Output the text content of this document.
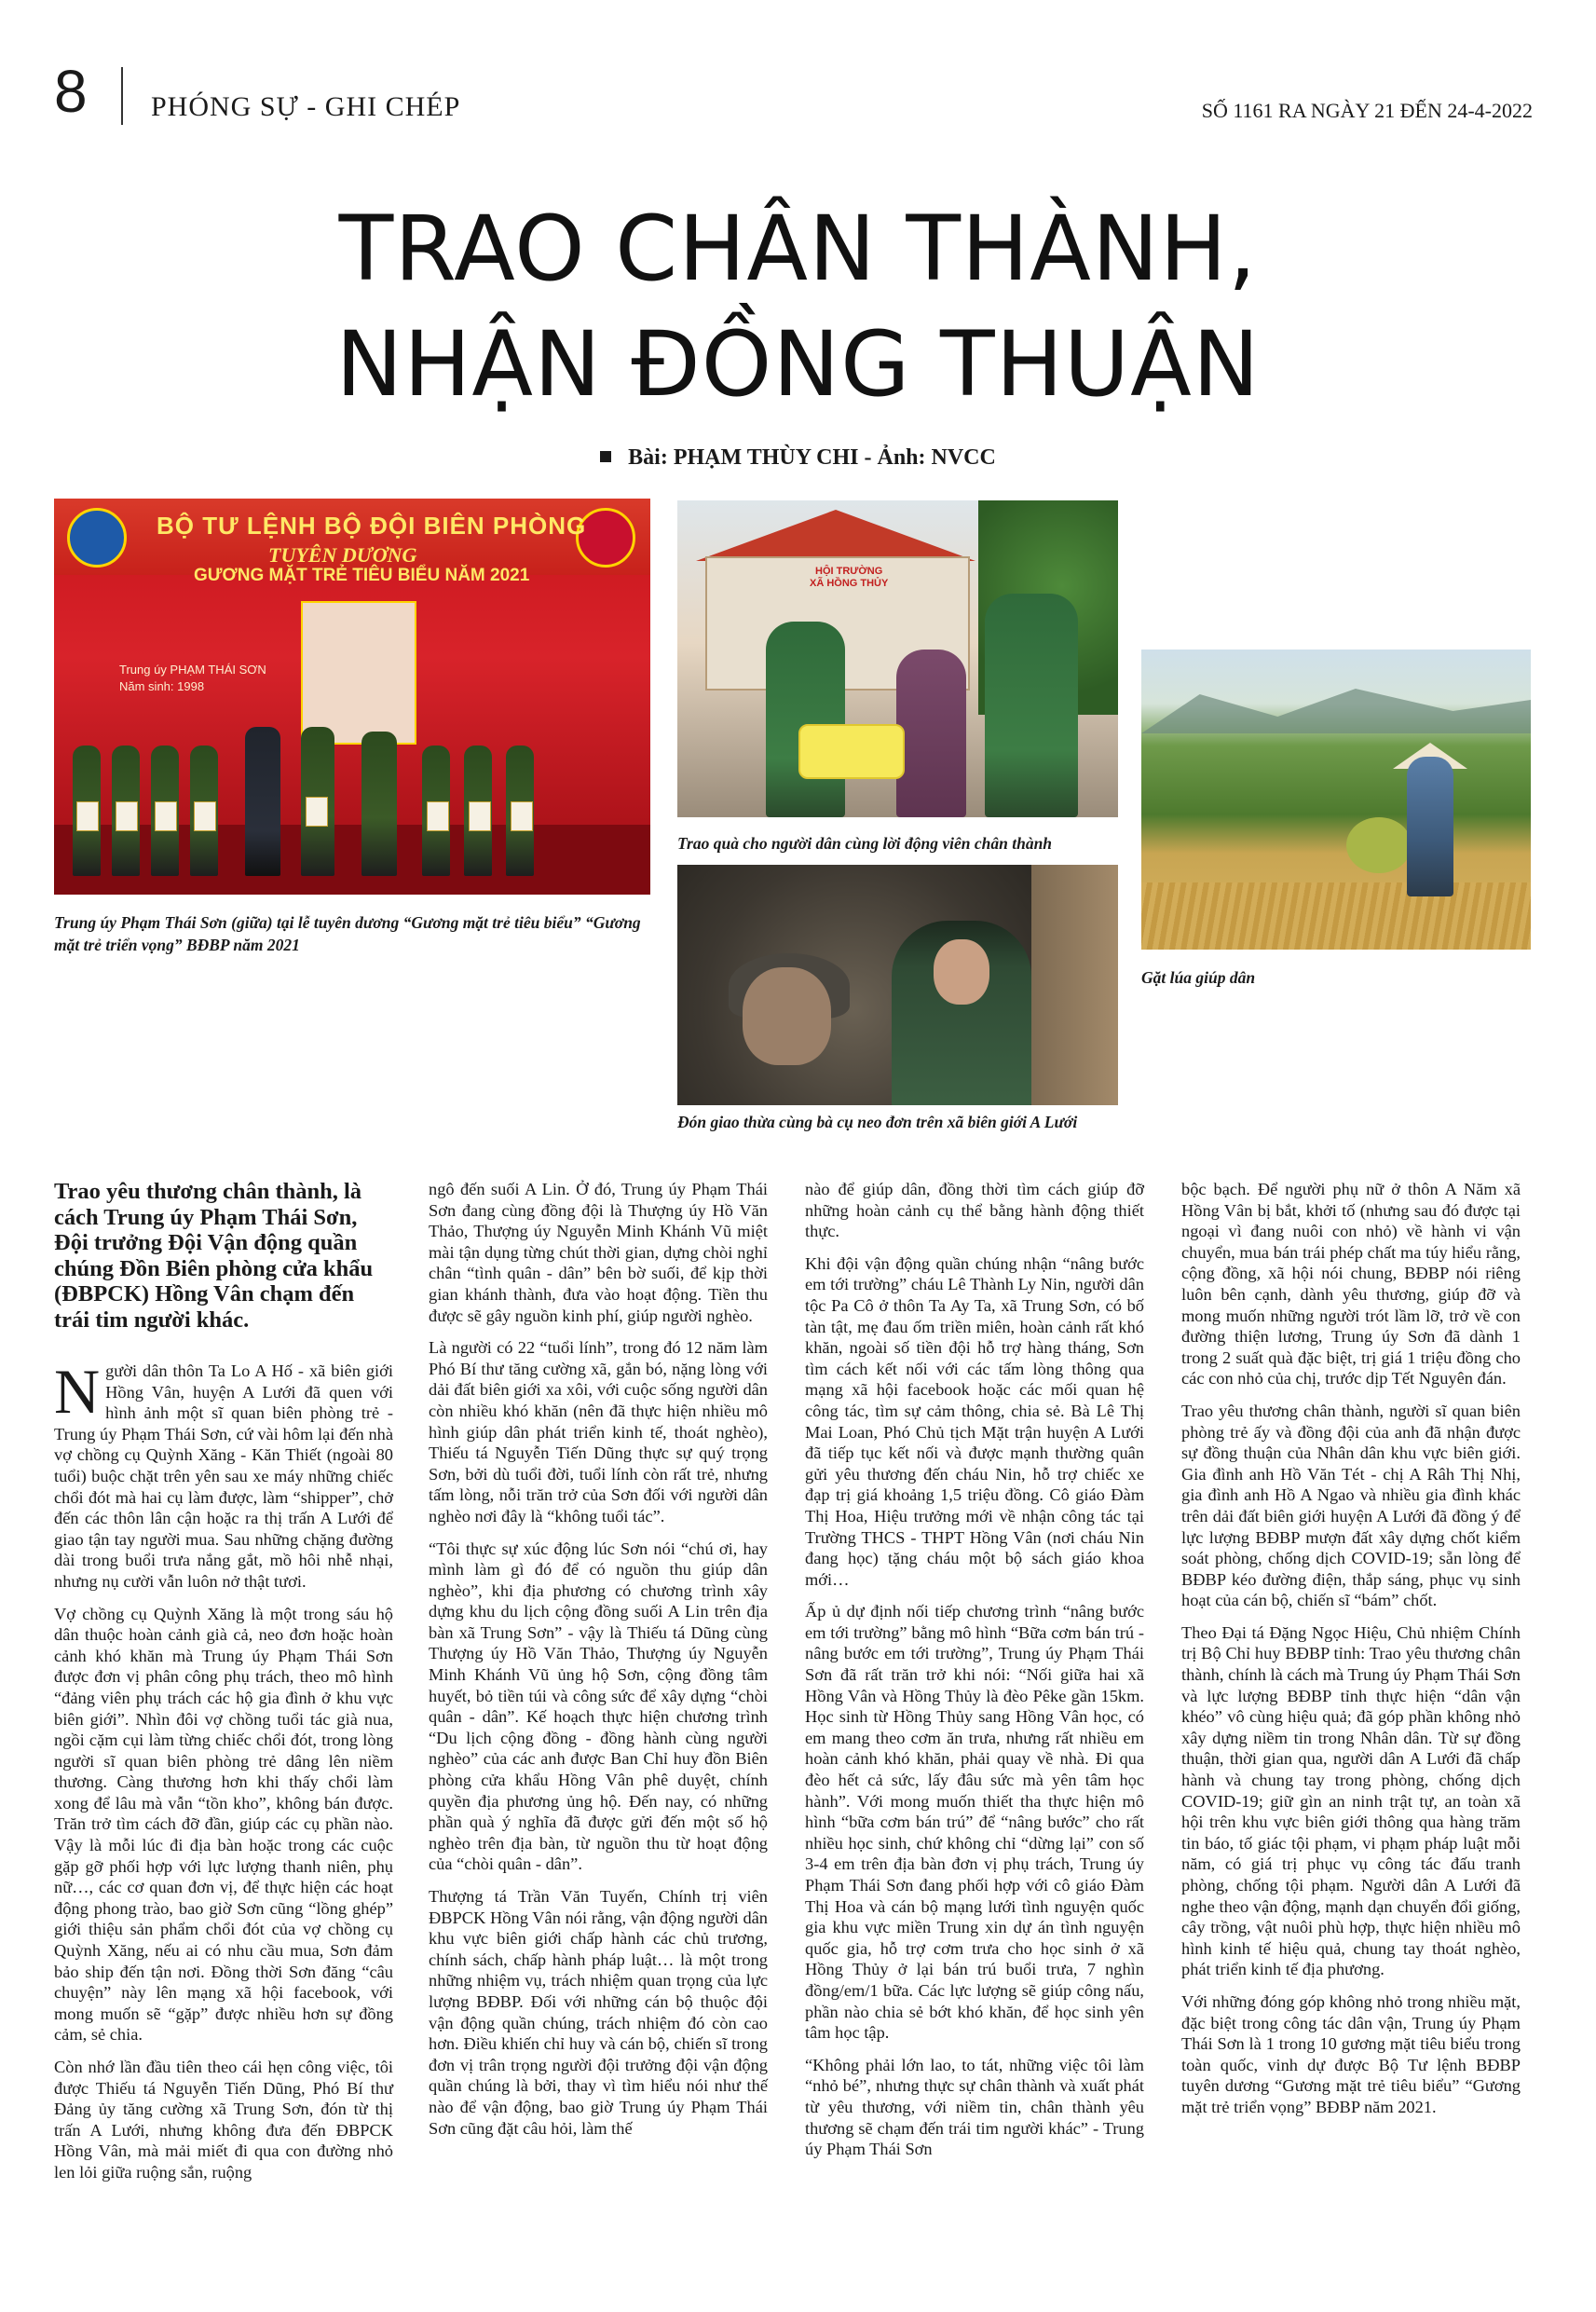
8 PHÓNG SỰ - GHI CHÉP	SỐ 1161 RA NGÀY 21 ĐẾN 24-4-2022
TRAO CHÂN THÀNH,
NHẬN ĐỒNG THUẬN
Bài: PHẠM THÙY CHI - Ảnh: NVCC
BỘ TƯ LỆNH BỘ ĐỘI BIÊN PHÒNG
TUYÊN DƯƠNG
GƯƠNG MẶT TRẺ TIÊU BIỂU NĂM 2021
Trung úy PHẠM THÁI SƠN
Năm sinh: 1998
Trung úy Phạm Thái Sơn (giữa) tại lễ tuyên dương “Gương mặt trẻ tiêu biểu” “Gương mặt trẻ triển vọng” BĐBP năm 2021
HỘI TRƯỜNG
XÃ HỒNG THỦY
Trao quà cho người dân cùng lời động viên chân thành
Gặt lúa giúp dân
Đón giao thừa cùng bà cụ neo đơn trên xã biên giới A Lưới

Trao yêu thương chân thành, là cách Trung úy Phạm Thái Sơn, Đội trưởng Đội Vận động quần chúng Đồn Biên phòng cửa khẩu (ĐBPCK) Hồng Vân chạm đến trái tim người khác.

Người dân thôn Ta Lo A Hố - xã biên giới Hồng Vân, huyện A Lưới đã quen với hình ảnh một sĩ quan biên phòng trẻ - Trung úy Phạm Thái Sơn, cứ vài hôm lại đến nhà vợ chồng cụ Quỳnh Xăng - Kăn Thiết (ngoài 80 tuổi) buộc chặt trên yên sau xe máy những chiếc chổi đót mà hai cụ làm được, làm “shipper”, chở đến các thôn lân cận hoặc ra thị trấn A Lưới để giao tận tay người mua. Sau những chặng đường dài trong buổi trưa nắng gắt, mồ hôi nhễ nhại, nhưng nụ cười vẫn luôn nở thật tươi.

Vợ chồng cụ Quỳnh Xăng là một trong sáu hộ dân thuộc hoàn cảnh già cả, neo đơn hoặc hoàn cảnh khó khăn mà Trung úy Phạm Thái Sơn được đơn vị phân công phụ trách, theo mô hình “đảng viên phụ trách các hộ gia đình ở khu vực biên giới”. Nhìn đôi vợ chồng tuổi tác già nua, ngồi cặm cụi làm từng chiếc chổi đót, trong lòng người sĩ quan biên phòng trẻ dâng lên niềm thương. Càng thương hơn khi thấy chổi làm xong để lâu mà vẫn “tồn kho”, không bán được. Trăn trở tìm cách đỡ đần, giúp các cụ phần nào. Vậy là mỗi lúc đi địa bàn hoặc trong các cuộc gặp gỡ phối hợp với lực lượng thanh niên, phụ nữ…, các cơ quan đơn vị, để thực hiện các hoạt động phong trào, bao giờ Sơn cũng “lồng ghép” giới thiệu sản phẩm chổi đót của vợ chồng cụ Quỳnh Xăng, nếu ai có nhu cầu mua, Sơn đảm bảo ship đến tận nơi. Đồng thời Sơn đăng “câu chuyện” này lên mạng xã hội facebook, với mong muốn sẽ “gặp” được nhiều hơn sự đồng cảm, sẻ chia.

Còn nhớ lần đầu tiên theo cái hẹn công việc, tôi được Thiếu tá Nguyễn Tiến Dũng, Phó Bí thư Đảng ủy tăng cường xã Trung Sơn, đón từ thị trấn A Lưới, nhưng không đưa đến ĐBPCK Hồng Vân, mà mải miết đi qua con đường nhỏ len lỏi giữa ruộng sắn, ruộng

ngô đến suối A Lin. Ở đó, Trung úy Phạm Thái Sơn đang cùng đồng đội là Thượng úy Hồ Văn Thảo, Thượng úy Nguyễn Minh Khánh Vũ miệt mài tận dụng từng chút thời gian, dựng chòi nghỉ chân “tình quân - dân” bên bờ suối, để kịp thời gian khánh thành, đưa vào hoạt động. Tiền thu được sẽ gây nguồn kinh phí, giúp người nghèo.

Là người có 22 “tuổi lính”, trong đó 12 năm làm Phó Bí thư tăng cường xã, gắn bó, nặng lòng với dải đất biên giới xa xôi, với cuộc sống người dân còn nhiều khó khăn (nên đã thực hiện nhiều mô hình giúp dân phát triển kinh tế, thoát nghèo), Thiếu tá Nguyễn Tiến Dũng thực sự quý trọng Sơn, bởi dù tuổi đời, tuổi lính còn rất trẻ, nhưng tấm lòng, nỗi trăn trở của Sơn đối với người dân nghèo nơi đây là “không tuổi tác”.

“Tôi thực sự xúc động lúc Sơn nói “chú ơi, hay mình làm gì đó để có nguồn thu giúp dân nghèo”, khi địa phương có chương trình xây dựng khu du lịch cộng đồng suối A Lin trên địa bàn xã Trung Sơn” - vậy là Thiếu tá Dũng cùng Thượng úy Hồ Văn Thảo, Thượng úy Nguyễn Minh Khánh Vũ ủng hộ Sơn, cộng đồng tâm huyết, bỏ tiền túi và công sức để xây dựng “chòi quân - dân”. Kế hoạch thực hiện chương trình “Du lịch cộng đồng - đồng hành cùng người nghèo” của các anh được Ban Chỉ huy đồn Biên phòng cửa khẩu Hồng Vân phê duyệt, chính quyền địa phương ủng hộ. Đến nay, có những phần quà ý nghĩa đã được gửi đến một số hộ nghèo trên địa bàn, từ nguồn thu từ hoạt động của “chòi quân - dân”.

Thượng tá Trần Văn Tuyến, Chính trị viên ĐBPCK Hồng Vân nói rằng, vận động người dân khu vực biên giới chấp hành các chủ trương, chính sách, chấp hành pháp luật… là một trong những nhiệm vụ, trách nhiệm quan trọng của lực lượng BĐBP. Đối với những cán bộ thuộc đội vận động quần chúng, trách nhiệm đó còn cao hơn. Điều khiến chỉ huy và cán bộ, chiến sĩ trong đơn vị trân trọng người đội trưởng đội vận động quần chúng là bởi, thay vì tìm hiểu nói như thế nào để vận động, bao giờ Trung úy Phạm Thái Sơn cũng đặt câu hỏi, làm thế

nào để giúp dân, đồng thời tìm cách giúp đỡ những hoàn cảnh cụ thể bằng hành động thiết thực.

Khi đội vận động quần chúng nhận “nâng bước em tới trường” cháu Lê Thành Ly Nin, người dân tộc Pa Cô ở thôn Ta Ay Ta, xã Trung Sơn, có bố tàn tật, mẹ đau ốm triền miên, hoàn cảnh rất khó khăn, ngoài số tiền đội hỗ trợ hàng tháng, Sơn tìm cách kết nối với các tấm lòng thông qua mạng xã hội facebook hoặc các mối quan hệ công tác, tìm sự cảm thông, chia sẻ. Bà Lê Thị Mai Loan, Phó Chủ tịch Mặt trận huyện A Lưới đã tiếp tục kết nối và được mạnh thường quân gửi yêu thương đến cháu Nin, hỗ trợ chiếc xe đạp trị giá khoảng 1,5 triệu đồng. Cô giáo Đàm Thị Hoa, Hiệu trưởng mới về nhận công tác tại Trường THCS - THPT Hồng Vân (nơi cháu Nin đang học) tặng cháu một bộ sách giáo khoa mới…

Ấp ủ dự định nối tiếp chương trình “nâng bước em tới trường” bằng mô hình “Bữa cơm bán trú - nâng bước em tới trường”, Trung úy Phạm Thái Sơn đã rất trăn trở khi nói: “Nối giữa hai xã Hồng Vân và Hồng Thủy là đèo Pêke gần 15km. Học sinh từ Hồng Thủy sang Hồng Vân học, có em mang theo cơm ăn trưa, nhưng rất nhiều em hoàn cảnh khó khăn, phải quay về nhà. Đi qua đèo hết cả sức, lấy đâu sức mà yên tâm học hành”. Với mong muốn thiết tha thực hiện mô hình “bữa cơm bán trú” để “nâng bước” cho rất nhiều học sinh, chứ không chỉ “dừng lại” con số 3-4 em trên địa bàn đơn vị phụ trách, Trung úy Phạm Thái Sơn đang phối hợp với cô giáo Đàm Thị Hoa và cán bộ mạng lưới tình nguyện quốc gia khu vực miền Trung xin dự án tình nguyện quốc gia, hỗ trợ cơm trưa cho học sinh ở xã Hồng Thủy ở lại bán trú buổi trưa, 7 nghìn đồng/em/1 bữa. Các lực lượng sẽ giúp công nấu, phần nào chia sẻ bớt khó khăn, để học sinh yên tâm học tập.

“Không phải lớn lao, to tát, những việc tôi làm “nhỏ bé”, nhưng thực sự chân thành và xuất phát từ yêu thương, với niềm tin, chân thành yêu thương sẽ chạm đến trái tim người khác” - Trung úy Phạm Thái Sơn

bộc bạch. Để người phụ nữ ở thôn A Năm xã Hồng Vân bị bắt, khởi tố (nhưng sau đó được tại ngoại vì đang nuôi con nhỏ) về hành vi vận chuyển, mua bán trái phép chất ma túy hiểu rằng, cộng đồng, xã hội nói chung, BĐBP nói riêng luôn bên cạnh, dành yêu thương, giúp đỡ và mong muốn những người trót lầm lỡ, trở về con đường thiện lương, Trung úy Sơn đã dành 1 trong 2 suất quà đặc biệt, trị giá 1 triệu đồng cho các con nhỏ của chị, trước dịp Tết Nguyên đán.

Trao yêu thương chân thành, người sĩ quan biên phòng trẻ ấy và đồng đội của anh đã nhận được sự đồng thuận của Nhân dân khu vực biên giới. Gia đình anh Hồ Văn Tét - chị A Râh Thị Nhị, gia đình anh Hồ A Ngao và nhiều gia đình khác trên dải đất biên giới huyện A Lưới đã đồng ý để lực lượng BĐBP mượn đất xây dựng chốt kiểm soát phòng, chống dịch COVID-19; sẵn lòng để BĐBP kéo đường điện, thắp sáng, phục vụ sinh hoạt của cán bộ, chiến sĩ “bám” chốt.

Theo Đại tá Đặng Ngọc Hiệu, Chủ nhiệm Chính trị Bộ Chỉ huy BĐBP tỉnh: Trao yêu thương chân thành, chính là cách mà Trung úy Phạm Thái Sơn và lực lượng BĐBP tỉnh thực hiện “dân vận khéo” vô cùng hiệu quả; đã góp phần không nhỏ xây dựng niềm tin trong Nhân dân. Từ sự đồng thuận, thời gian qua, người dân A Lưới đã chấp hành và chung tay trong phòng, chống dịch COVID-19; giữ gìn an ninh trật tự, an toàn xã hội trên khu vực biên giới thông qua hàng trăm tin báo, tố giác tội phạm, vi phạm pháp luật mỗi năm, có giá trị phục vụ công tác đấu tranh phòng, chống tội phạm. Người dân A Lưới đã nghe theo vận động, mạnh dạn chuyển đổi giống, cây trồng, vật nuôi phù hợp, thực hiện nhiều mô hình kinh tế hiệu quả, chung tay thoát nghèo, phát triển kinh tế địa phương.

Với những đóng góp không nhỏ trong nhiều mặt, đặc biệt trong công tác dân vận, Trung úy Phạm Thái Sơn là 1 trong 10 gương mặt tiêu biểu trong toàn quốc, vinh dự được Bộ Tư lệnh BĐBP tuyên dương “Gương mặt trẻ tiêu biểu” “Gương mặt trẻ triển vọng” BĐBP năm 2021.
